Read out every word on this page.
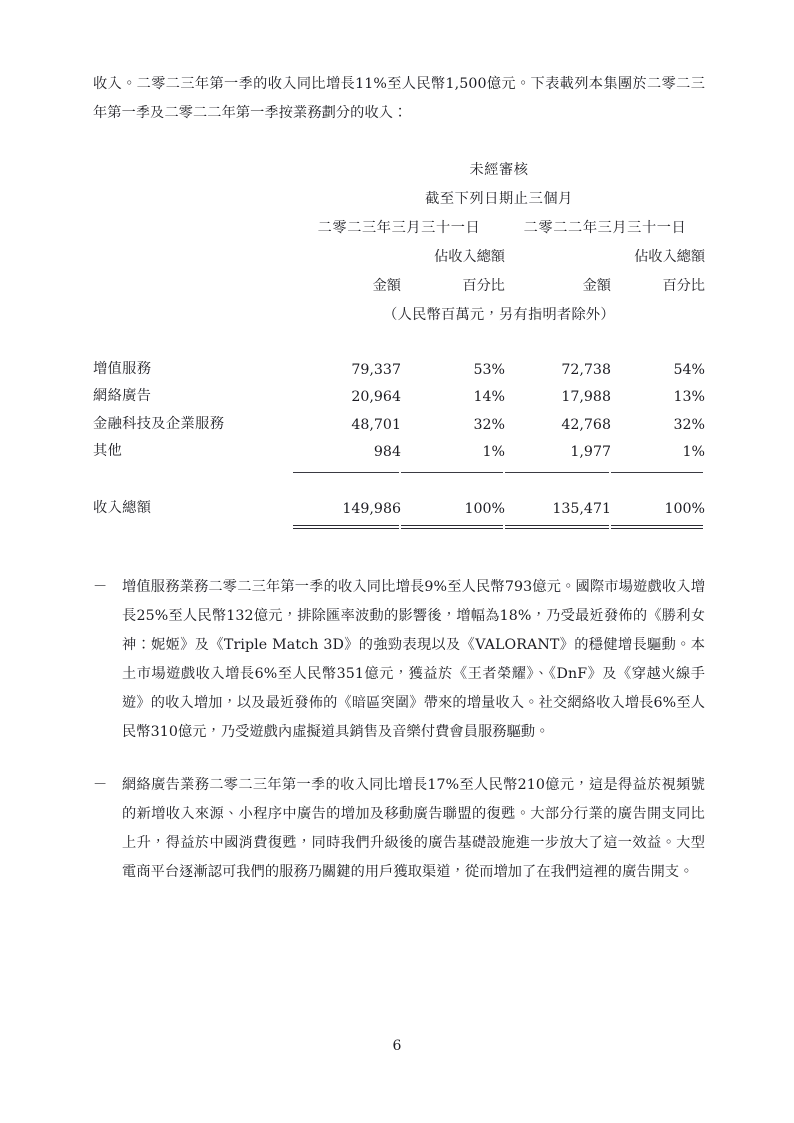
收入。二零二三年第一季的收入同比增長11%至人民幣1,500億元。下表載列本集團於二零二三年第一季及二零二二年第一季按業務劃分的收入：

	未經審核			
	截至下列日期止三個月			
	二零二三年三月三十一日		二零二二年三月三十一日	
		佔收入總額		佔收入總額
	金額	百分比	金額	百分比
	（人民幣百萬元，另有指明者除外）			

增值服務	79,337	53%	72,738	54%
網絡廣告	20,964	14%	17,988	13%
金融科技及企業服務	48,701	32%	42,768	32%
其他	984	1%	1,977	1%

收入總額	149,986	100%	135,471	100%

－	增值服務業務二零二三年第一季的收入同比增長9%至人民幣793億元。國際市場遊戲收入增長25%至人民幣132億元，排除匯率波動的影響後，增幅為18%，乃受最近發佈的《勝利女神：妮姬》及《Triple Match 3D》的強勁表現以及《VALORANT》的穩健增長驅動。本土市場遊戲收入增長6%至人民幣351億元，獲益於《王者榮耀》、《DnF》及《穿越火線手遊》的收入增加，以及最近發佈的《暗區突圍》帶來的增量收入。社交網絡收入增長6%至人民幣310億元，乃受遊戲內虛擬道具銷售及音樂付費會員服務驅動。
－	網絡廣告業務二零二三年第一季的收入同比增長17%至人民幣210億元，這是得益於視頻號的新增收入來源、小程序中廣告的增加及移動廣告聯盟的復甦。大部分行業的廣告開支同比上升，得益於中國消費復甦，同時我們升級後的廣告基礎設施進一步放大了這一效益。大型電商平台逐漸認可我們的服務乃關鍵的用戶獲取渠道，從而增加了在我們這裡的廣告開支。
6
